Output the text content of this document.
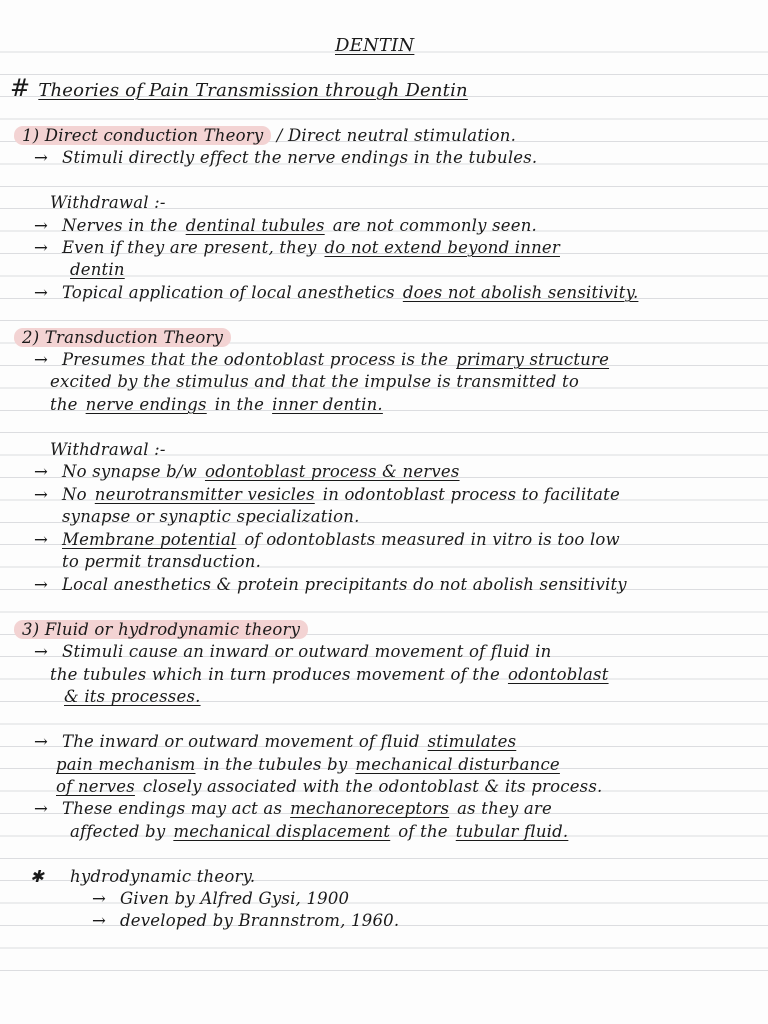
DENTIN
# Theories of Pain Transmission through Dentin
1) Direct conduction Theory / Direct neutral stimulation.
→ Stimuli directly effect the nerve endings in the tubules.
Withdrawal :-
→ Nerves in the dentinal tubules are not commonly seen.
→ Even if they are present, they do not extend beyond inner
dentin
→ Topical application of local anesthetics does not abolish sensitivity.
2) Transduction Theory
→ Presumes that the odontoblast process is the primary structure
excited by the stimulus and that the impulse is transmitted to
the nerve endings in the inner dentin.
Withdrawal :-
→ No synapse b/w odontoblast process & nerves
→ No neurotransmitter vesicles in odontoblast process to facilitate
synapse or synaptic specialization.
→ Membrane potential of odontoblasts measured in vitro is too low
to permit transduction.
→ Local anesthetics & protein precipitants do not abolish sensitivity
3) Fluid or hydrodynamic theory
→ Stimuli cause an inward or outward movement of fluid in
the tubules which in turn produces movement of the odontoblast
& its processes.
→ The inward or outward movement of fluid stimulates
pain mechanism in the tubules by mechanical disturbance
of nerves closely associated with the odontoblast & its process.
→ These endings may act as mechanoreceptors as they are
affected by mechanical displacement of the tubular fluid.
✱ hydrodynamic theory.
→ Given by Alfred Gysi, 1900
→ developed by Brannstrom, 1960.
